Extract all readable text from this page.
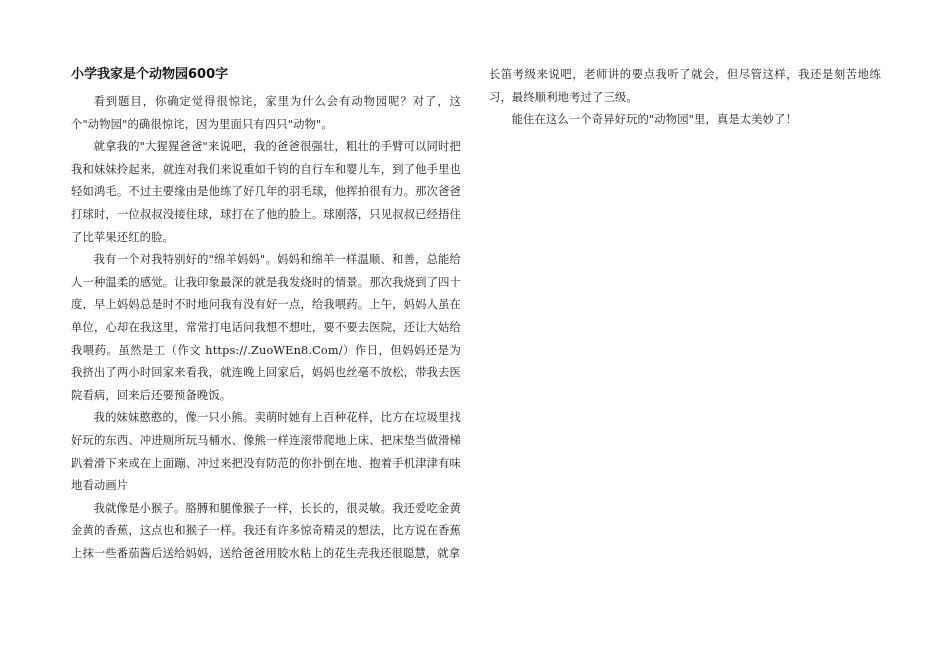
小学我家是个动物园600字

看到题目，你确定觉得很惊诧，家里为什么会有动物园呢？对了，这个"动物园"的确很惊诧，因为里面只有四只"动物"。

就拿我的"大猩猩爸爸"来说吧，我的爸爸很强壮，粗壮的手臂可以同时把我和妹妹拎起来，就连对我们来说重如千钧的自行车和婴儿车，到了他手里也轻如鸿毛。不过主要缘由是他练了好几年的羽毛球，他挥拍很有力。那次爸爸打球时，一位叔叔没接住球，球打在了他的脸上。球刚落，只见叔叔已经捂住了比苹果还红的脸。

我有一个对我特别好的"绵羊妈妈"。妈妈和绵羊一样温顺、和善，总能给人一种温柔的感觉。让我印象最深的就是我发烧时的情景。那次我烧到了四十度，早上妈妈总是时不时地问我有没有好一点，给我喂药。上午，妈妈人虽在单位，心却在我这里，常常打电话问我想不想吐，要不要去医院，还让大姑给我喂药。虽然是工（作文 https://.ZuoWEn8.Com/）作日，但妈妈还是为我挤出了两小时回家来看我，就连晚上回家后，妈妈也丝毫不放松，带我去医院看病，回来后还要预备晚饭。

我的妹妹憨憨的，像一只小熊。卖萌时她有上百种花样，比方在垃圾里找好玩的东西、冲进厕所玩马桶水、像熊一样连滚带爬地上床、把床垫当做滑梯趴着滑下来或在上面蹦、冲过来把没有防范的你扑倒在地、抱着手机津津有味地看动画片

我就像是小猴子。胳膊和腿像猴子一样，长长的，很灵敏。我还爱吃金黄金黄的香蕉，这点也和猴子一样。我还有许多惊奇精灵的想法，比方说在香蕉上抹一些番茄酱后送给妈妈，送给爸爸用胶水粘上的花生壳我还很聪慧，就拿

长笛考级来说吧，老师讲的要点我听了就会，但尽管这样，我还是刻苦地练习，最终顺利地考过了三级。

能住在这么一个奇异好玩的"动物园"里，真是太美妙了！
